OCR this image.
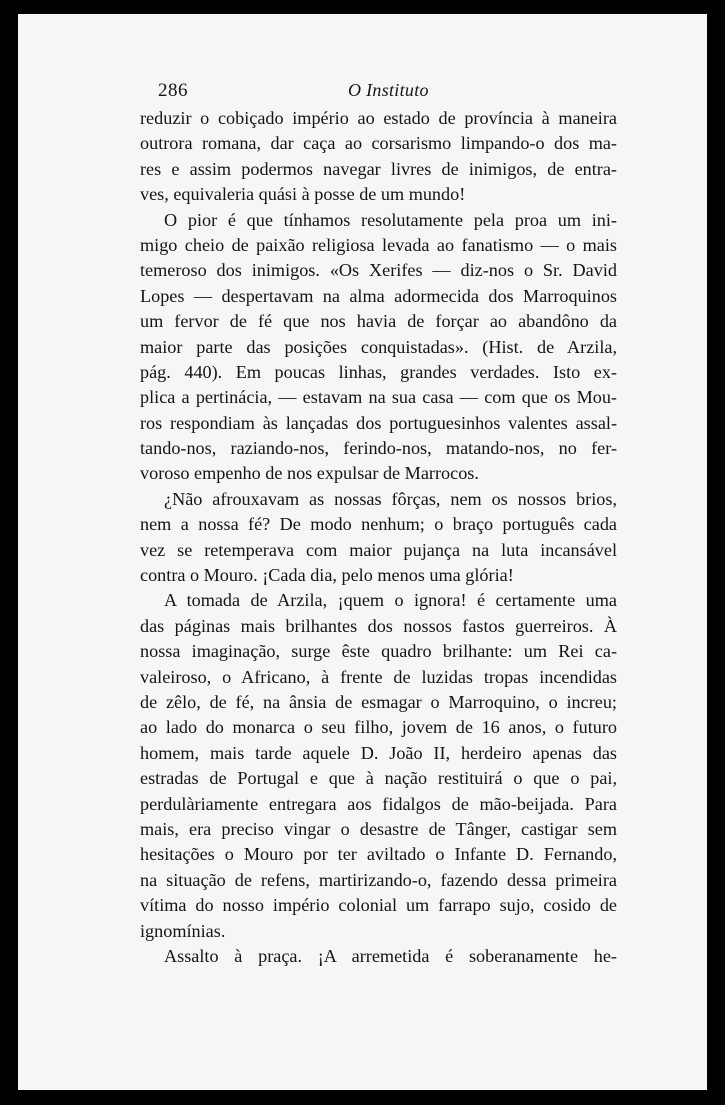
286	O Instituto
reduzir o cobiçado império ao estado de província à maneira
outrora romana, dar caça ao corsarismo limpando-o dos ma-
res e assim podermos navegar livres de inimigos, de entra-
ves, equivaleria quási à posse de um mundo!
O pior é que tínhamos resolutamente pela proa um ini-
migo cheio de paixão religiosa levada ao fanatismo — o mais
temeroso dos inimigos. «Os Xerifes — diz-nos o Sr. David
Lopes — despertavam na alma adormecida dos Marroquinos
um fervor de fé que nos havia de forçar ao abandôno da
maior parte das posições conquistadas». (Hist. de Arzila,
pág. 440). Em poucas linhas, grandes verdades. Isto ex-
plica a pertinácia, — estavam na sua casa — com que os Mou-
ros respondiam às lançadas dos portuguesinhos valentes assal-
tando-nos, raziando-nos, ferindo-nos, matando-nos, no fer-
voroso empenho de nos expulsar de Marrocos.
¿Não afrouxavam as nossas fôrças, nem os nossos brios,
nem a nossa fé? De modo nenhum; o braço português cada
vez se retemperava com maior pujança na luta incansável
contra o Mouro. ¡Cada dia, pelo menos uma glória!
A tomada de Arzila, ¡quem o ignora! é certamente uma
das páginas mais brilhantes dos nossos fastos guerreiros. À
nossa imaginação, surge êste quadro brilhante: um Rei ca-
valeiroso, o Africano, à frente de luzidas tropas incendidas
de zêlo, de fé, na ânsia de esmagar o Marroquino, o increu;
ao lado do monarca o seu filho, jovem de 16 anos, o futuro
homem, mais tarde aquele D. João II, herdeiro apenas das
estradas de Portugal e que à nação restituirá o que o pai,
perdulàriamente entregara aos fidalgos de mão-beijada. Para
mais, era preciso vingar o desastre de Tânger, castigar sem
hesitações o Mouro por ter aviltado o Infante D. Fernando,
na situação de refens, martirizando-o, fazendo dessa primeira
vítima do nosso império colonial um farrapo sujo, cosido de
ignomínias.
Assalto à praça. ¡A arremetida é soberanamente he-
